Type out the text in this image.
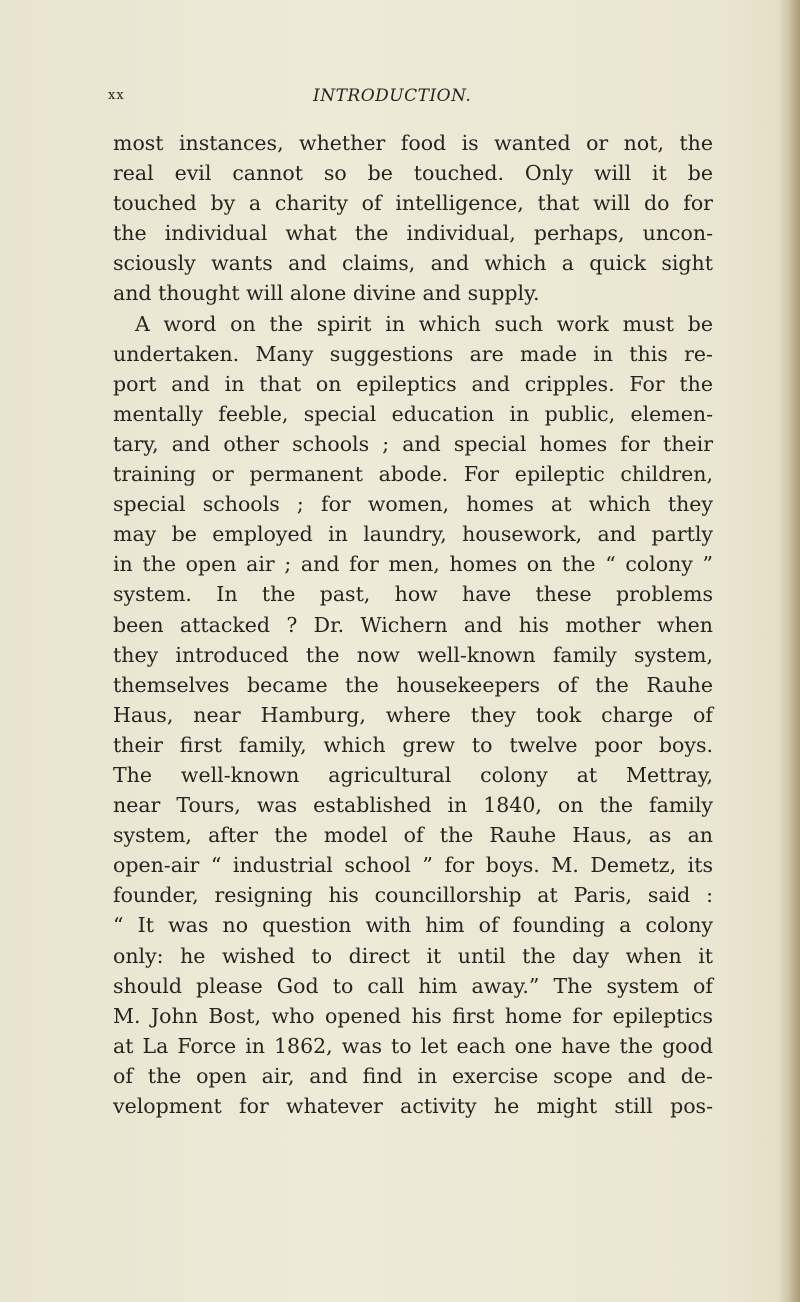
xx	INTRODUCTION.
most instances, whether food is wanted or not, the
real evil cannot so be touched. Only will it be
touched by a charity of intelligence, that will do for
the individual what the individual, perhaps, uncon-
sciously wants and claims, and which a quick sight
and thought will alone divine and supply.
A word on the spirit in which such work must be
undertaken. Many suggestions are made in this re-
port and in that on epileptics and cripples. For the
mentally feeble, special education in public, elemen-
tary, and other schools ; and special homes for their
training or permanent abode. For epileptic children,
special schools ; for women, homes at which they
may be employed in laundry, housework, and partly
in the open air ; and for men, homes on the “ colony ”
system. In the past, how have these problems
been attacked ? Dr. Wichern and his mother when
they introduced the now well-known family system,
themselves became the housekeepers of the Rauhe
Haus, near Hamburg, where they took charge of
their first family, which grew to twelve poor boys.
The well-known agricultural colony at Mettray,
near Tours, was established in 1840, on the family
system, after the model of the Rauhe Haus, as an
open-air “ industrial school ” for boys. M. Demetz, its
founder, resigning his councillorship at Paris, said :
“ It was no question with him of founding a colony
only: he wished to direct it until the day when it
should please God to call him away.” The system of
M. John Bost, who opened his first home for epileptics
at La Force in 1862, was to let each one have the good
of the open air, and find in exercise scope and de-
velopment for whatever activity he might still pos-
